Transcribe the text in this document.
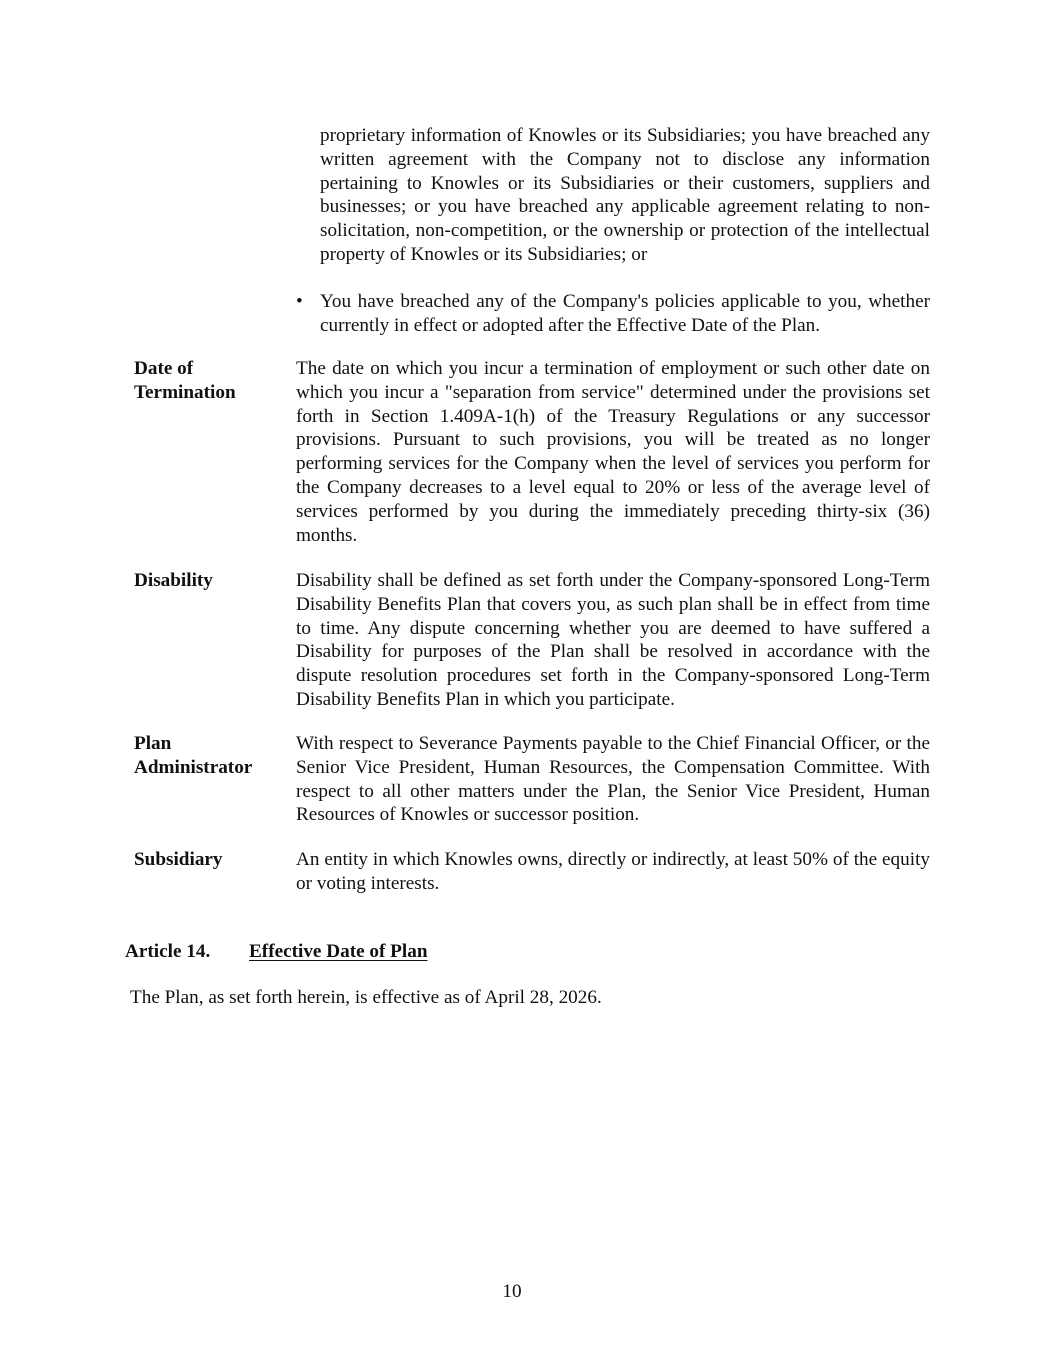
proprietary information of Knowles or its Subsidiaries; you have breached any written agreement with the Company not to disclose any information pertaining to Knowles or its Subsidiaries or their customers, suppliers and businesses; or you have breached any applicable agreement relating to non-solicitation, non-competition, or the ownership or protection of the intellectual property of Knowles or its Subsidiaries; or

• You have breached any of the Company's policies applicable to you, whether currently in effect or adopted after the Effective Date of the Plan.
Date of Termination
The date on which you incur a termination of employment or such other date on which you incur a "separation from service" determined under the provisions set forth in Section 1.409A-1(h) of the Treasury Regulations or any successor provisions. Pursuant to such provisions, you will be treated as no longer performing services for the Company when the level of services you perform for the Company decreases to a level equal to 20% or less of the average level of services performed by you during the immediately preceding thirty-six (36) months.
Disability	Disability shall be defined as set forth under the Company-sponsored Long-Term Disability Benefits Plan that covers you, as such plan shall be in effect from time to time. Any dispute concerning whether you are deemed to have suffered a Disability for purposes of the Plan shall be resolved in accordance with the dispute resolution procedures set forth in the Company-sponsored Long-Term Disability Benefits Plan in which you participate.
Plan Administrator
With respect to Severance Payments payable to the Chief Financial Officer, or the Senior Vice President, Human Resources, the Compensation Committee. With respect to all other matters under the Plan, the Senior Vice President, Human Resources of Knowles or successor position.
Subsidiary	An entity in which Knowles owns, directly or indirectly, at least 50% of the equity or voting interests.
Article 14. Effective Date of Plan

The Plan, as set forth herein, is effective as of April 28, 2026.

10
